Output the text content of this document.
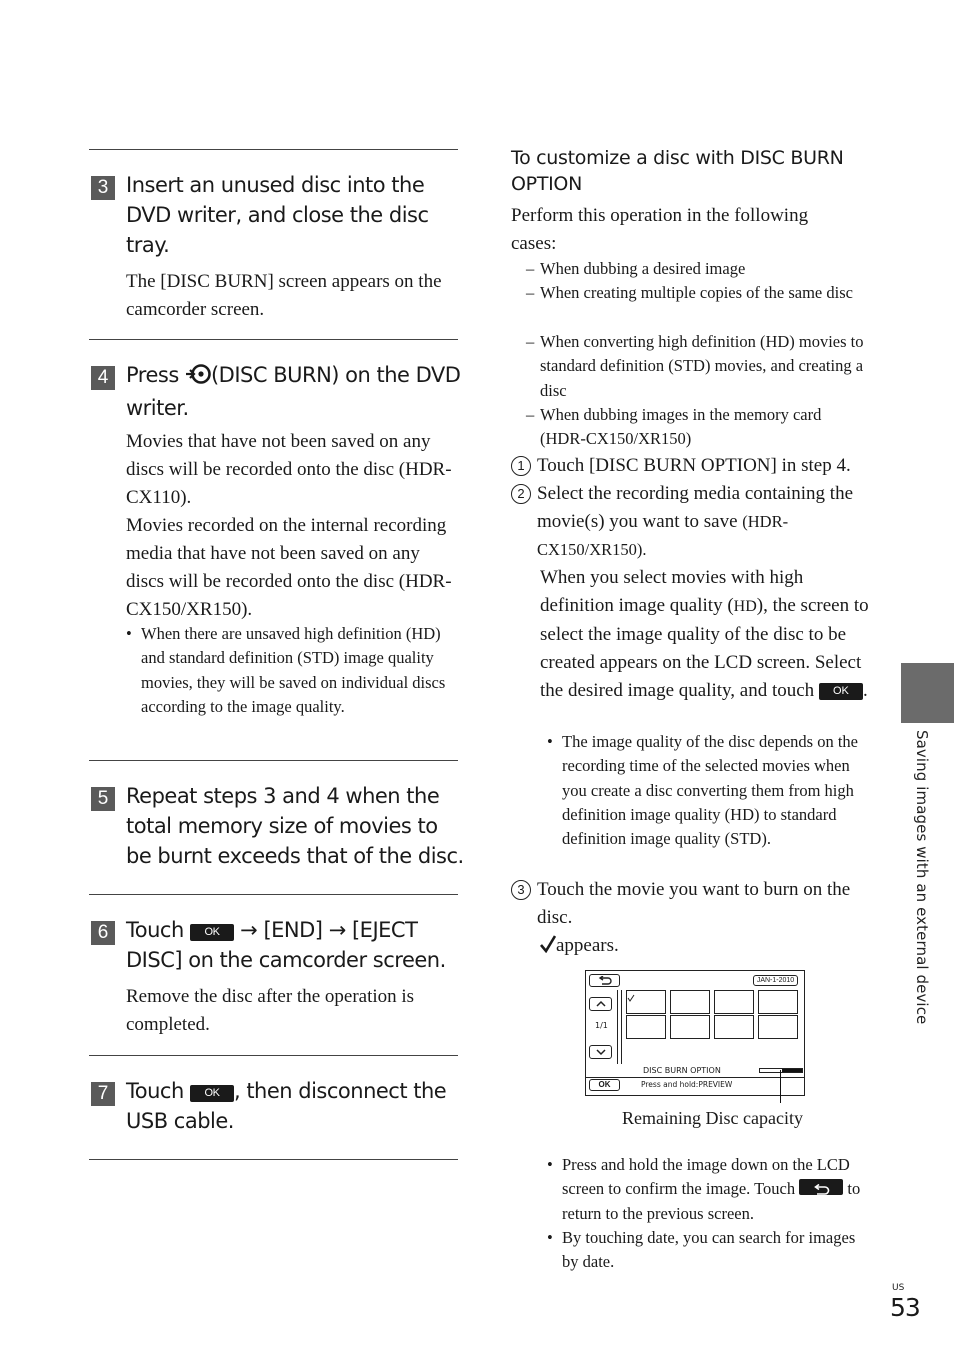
3 Insert an unused disc into the DVD writer, and close the disc tray.
The [DISC BURN] screen appears on the camcorder screen.
4 Press (DISC BURN) on the DVD writer.
Movies that have not been saved on any discs will be recorded onto the disc (HDR-CX110).
Movies recorded on the internal recording media that have not been saved on any discs will be recorded onto the disc (HDR-CX150/XR150).
• When there are unsaved high definition (HD) and standard definition (STD) image quality movies, they will be saved on individual discs according to the image quality.
5 Repeat steps 3 and 4 when the total memory size of movies to be burnt exceeds that of the disc.
6 Touch OK → [END] → [EJECT DISC] on the camcorder screen.
Remove the disc after the operation is completed.
7 Touch OK , then disconnect the USB cable.
To customize a disc with DISC BURN OPTION
Perform this operation in the following cases:
– When dubbing a desired image
– When creating multiple copies of the same disc
– When converting high definition (HD) movies to standard definition (STD) movies, and creating a disc
– When dubbing images in the memory card (HDR-CX150/XR150)
1 Touch [DISC BURN OPTION] in step 4.
2 Select the recording media containing the movie(s) you want to save (HDR-CX150/XR150).
When you select movies with high definition image quality (HD), the screen to select the image quality of the disc to be created appears on the LCD screen. Select the desired image quality, and touch OK .
• The image quality of the disc depends on the recording time of the selected movies when you create a disc converting them from high definition image quality (HD) to standard definition image quality (STD).
3 Touch the movie you want to burn on the disc.
appears.
JAN-1-2010
1/1
DISC BURN OPTION
OK	Press and hold:PREVIEW
Remaining Disc capacity
• Press and hold the image down on the LCD screen to confirm the image. Touch	to return to the previous screen.
• By touching date, you can search for images by date.
Saving images with an external device
US
53
